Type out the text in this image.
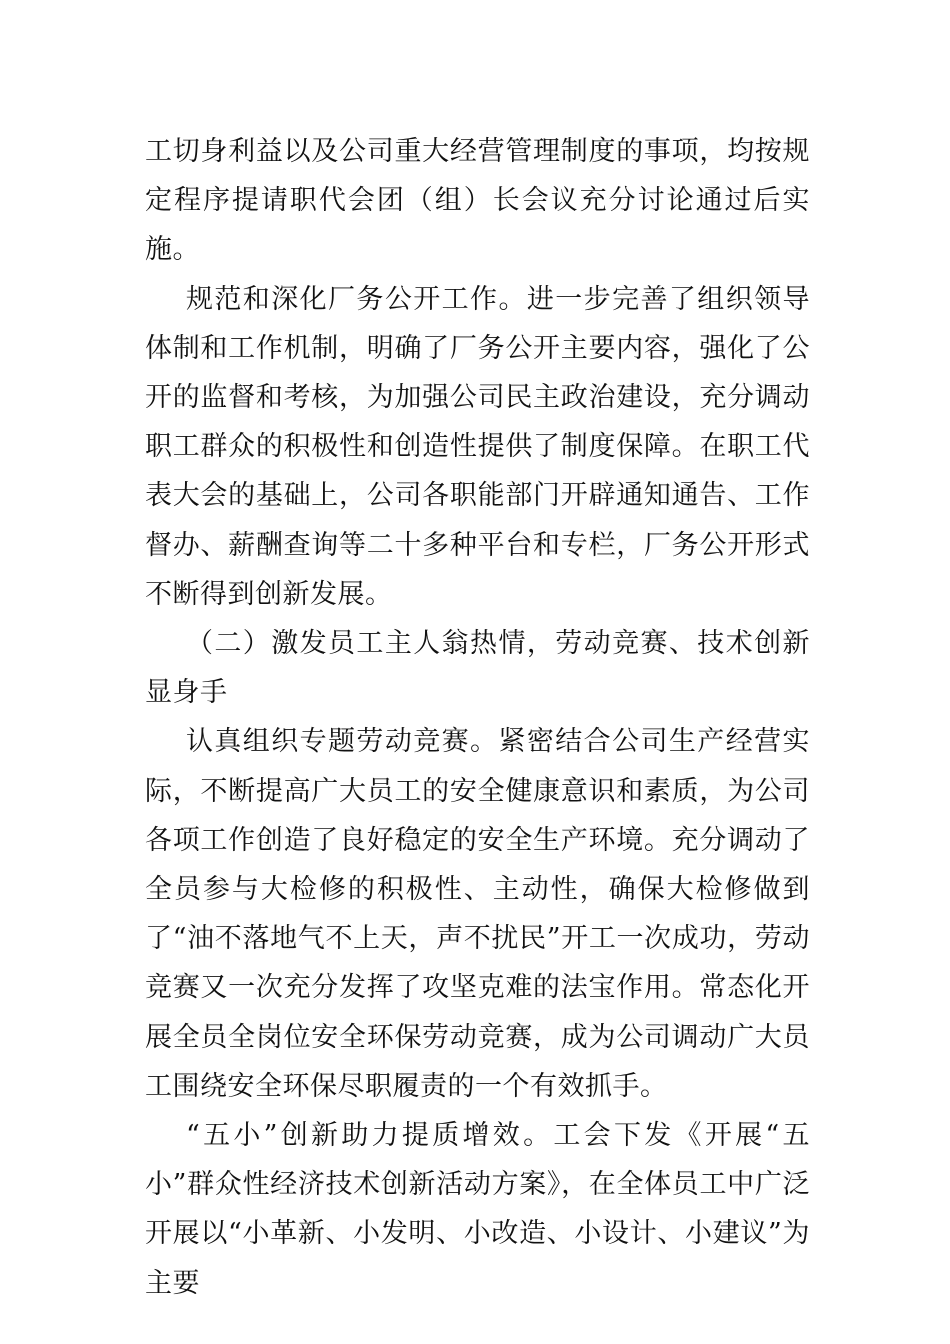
工切身利益以及公司重大经营管理制度的事项，均按规定程序提请职代会团（组）长会议充分讨论通过后实施。

规范和深化厂务公开工作。进一步完善了组织领导体制和工作机制，明确了厂务公开主要内容，强化了公开的监督和考核，为加强公司民主政治建设，充分调动职工群众的积极性和创造性提供了制度保障。在职工代表大会的基础上，公司各职能部门开辟通知通告、工作督办、薪酬查询等二十多种平台和专栏，厂务公开形式不断得到创新发展。

（二）激发员工主人翁热情，劳动竞赛、技术创新显身手

认真组织专题劳动竞赛。紧密结合公司生产经营实际，不断提高广大员工的安全健康意识和素质，为公司各项工作创造了良好稳定的安全生产环境。充分调动了全员参与大检修的积极性、主动性，确保大检修做到了“油不落地气不上天，声不扰民”开工一次成功，劳动竞赛又一次充分发挥了攻坚克难的法宝作用。常态化开展全员全岗位安全环保劳动竞赛，成为公司调动广大员工围绕安全环保尽职履责的一个有效抓手。

“五小”创新助力提质增效。工会下发《开展“五小”群众性经济技术创新活动方案》，在全体员工中广泛开展以“小革新、小发明、小改造、小设计、小建议”为主要
